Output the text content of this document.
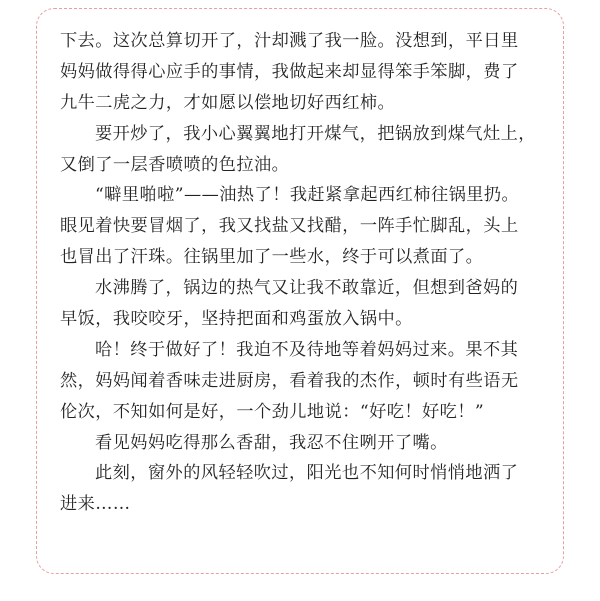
下去。这次总算切开了，汁却溅了我一脸。没想到，平日里
妈妈做得得心应手的事情，我做起来却显得笨手笨脚，费了
九牛二虎之力，才如愿以偿地切好西红柿。
要开炒了，我小心翼翼地打开煤气，把锅放到煤气灶上，
又倒了一层香喷喷的色拉油。
“噼里啪啦”——油热了！我赶紧拿起西红柿往锅里扔。
眼见着快要冒烟了，我又找盐又找醋，一阵手忙脚乱，头上
也冒出了汗珠。往锅里加了一些水，终于可以煮面了。
水沸腾了，锅边的热气又让我不敢靠近，但想到爸妈的
早饭，我咬咬牙，坚持把面和鸡蛋放入锅中。
哈！终于做好了！我迫不及待地等着妈妈过来。果不其
然，妈妈闻着香味走进厨房，看着我的杰作，顿时有些语无
伦次，不知如何是好，一个劲儿地说：“好吃！好吃！”
看见妈妈吃得那么香甜，我忍不住咧开了嘴。
此刻，窗外的风轻轻吹过，阳光也不知何时悄悄地洒了
进来……
